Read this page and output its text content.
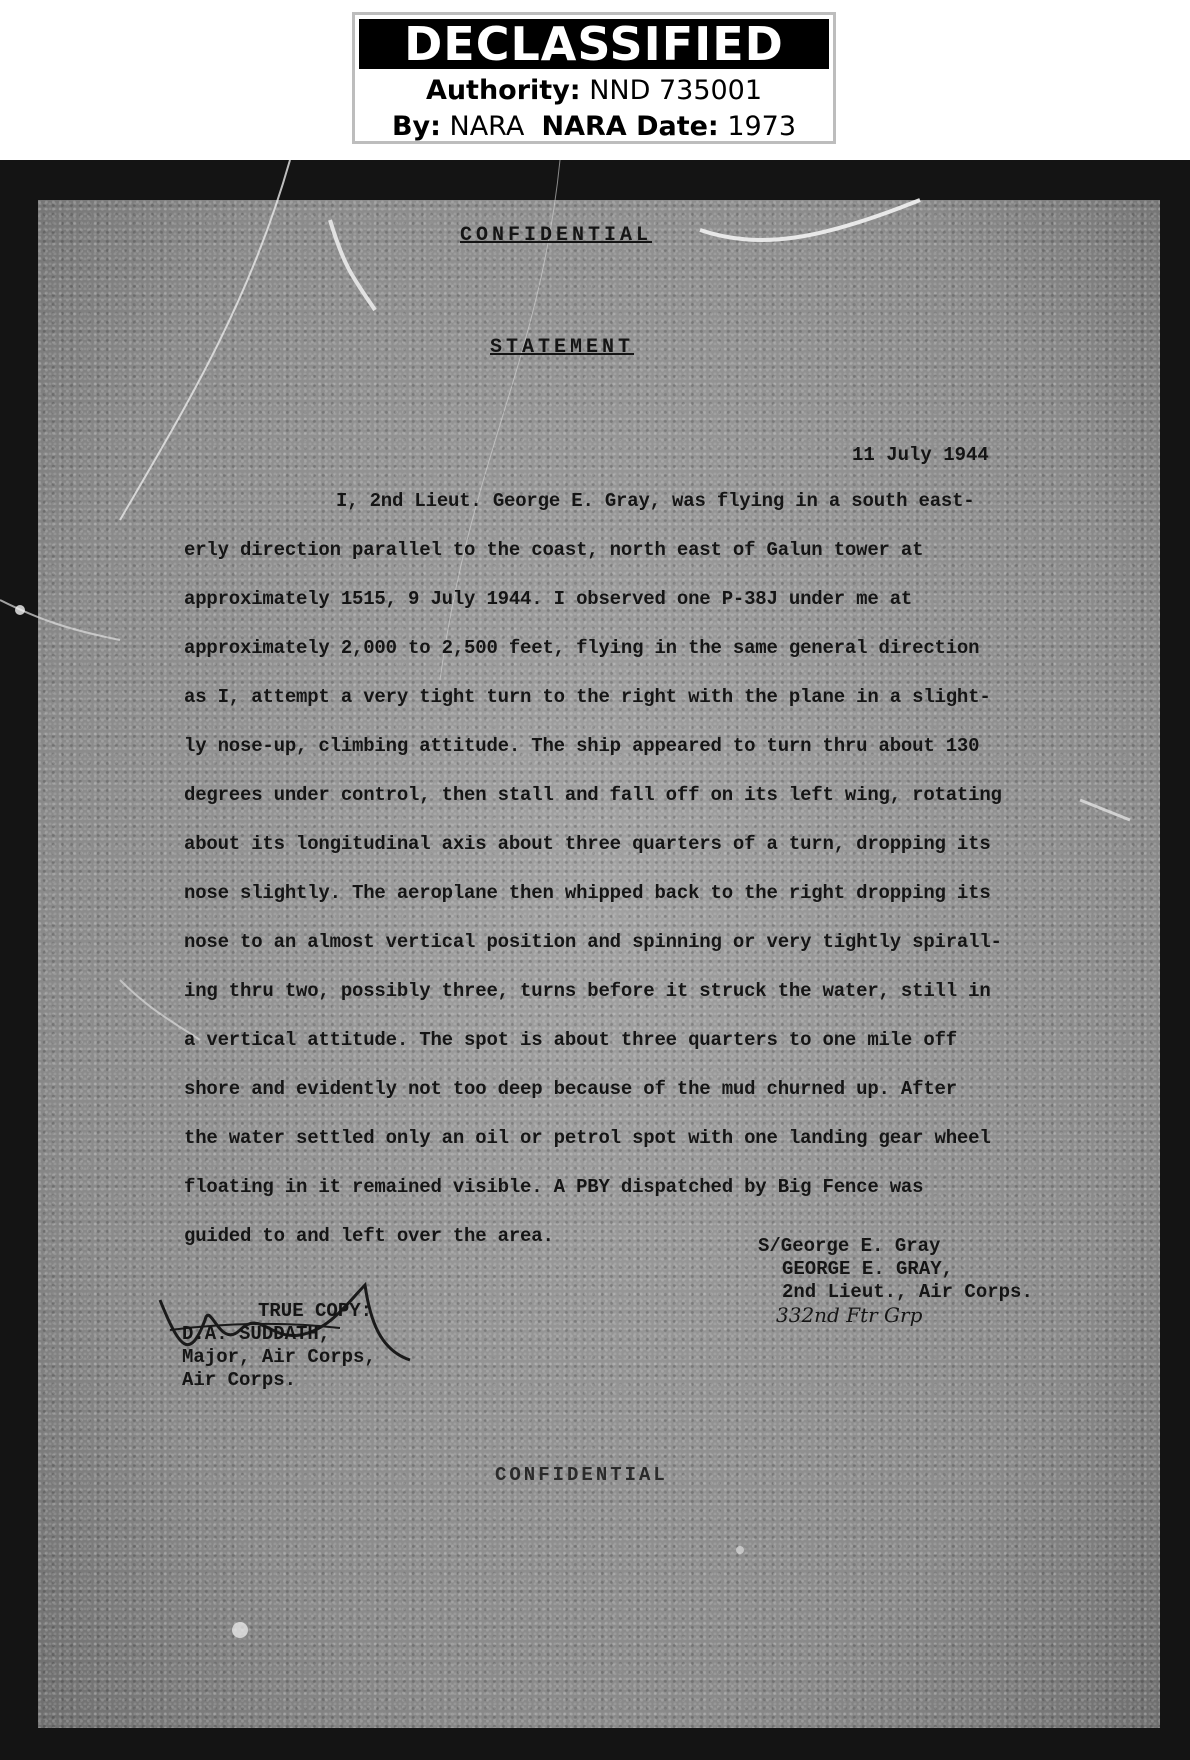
DECLASSIFIED
Authority: NND 735001
By: NARA NARA Date: 1973
CONFIDENTIAL
STATEMENT
11 July 1944
I, 2nd Lieut. George E. Gray, was flying in a south east-
erly direction parallel to the coast, north east of Galun tower at
approximately 1515, 9 July 1944. I observed one P-38J under me at
approximately 2,000 to 2,500 feet, flying in the same general direction
as I, attempt a very tight turn to the right with the plane in a slight-
ly nose-up, climbing attitude. The ship appeared to turn thru about 130
degrees under control, then stall and fall off on its left wing, rotating
about its longitudinal axis about three quarters of a turn, dropping its
nose slightly. The aeroplane then whipped back to the right dropping its
nose to an almost vertical position and spinning or very tightly spirall-
ing thru two, possibly three, turns before it struck the water, still in
a vertical attitude. The spot is about three quarters to one mile off
shore and evidently not too deep because of the mud churned up. After
the water settled only an oil or petrol spot with one landing gear wheel
floating in it remained visible. A PBY dispatched by Big Fence was
guided to and left over the area.	S/George E. Gray
GEORGE E. GRAY,
2nd Lieut., Air Corps.
332nd Ftr Grp
TRUE COPY:
D.A. SUDDATH,
Major, Air Corps,
Air Corps.
CONFIDENTIAL
